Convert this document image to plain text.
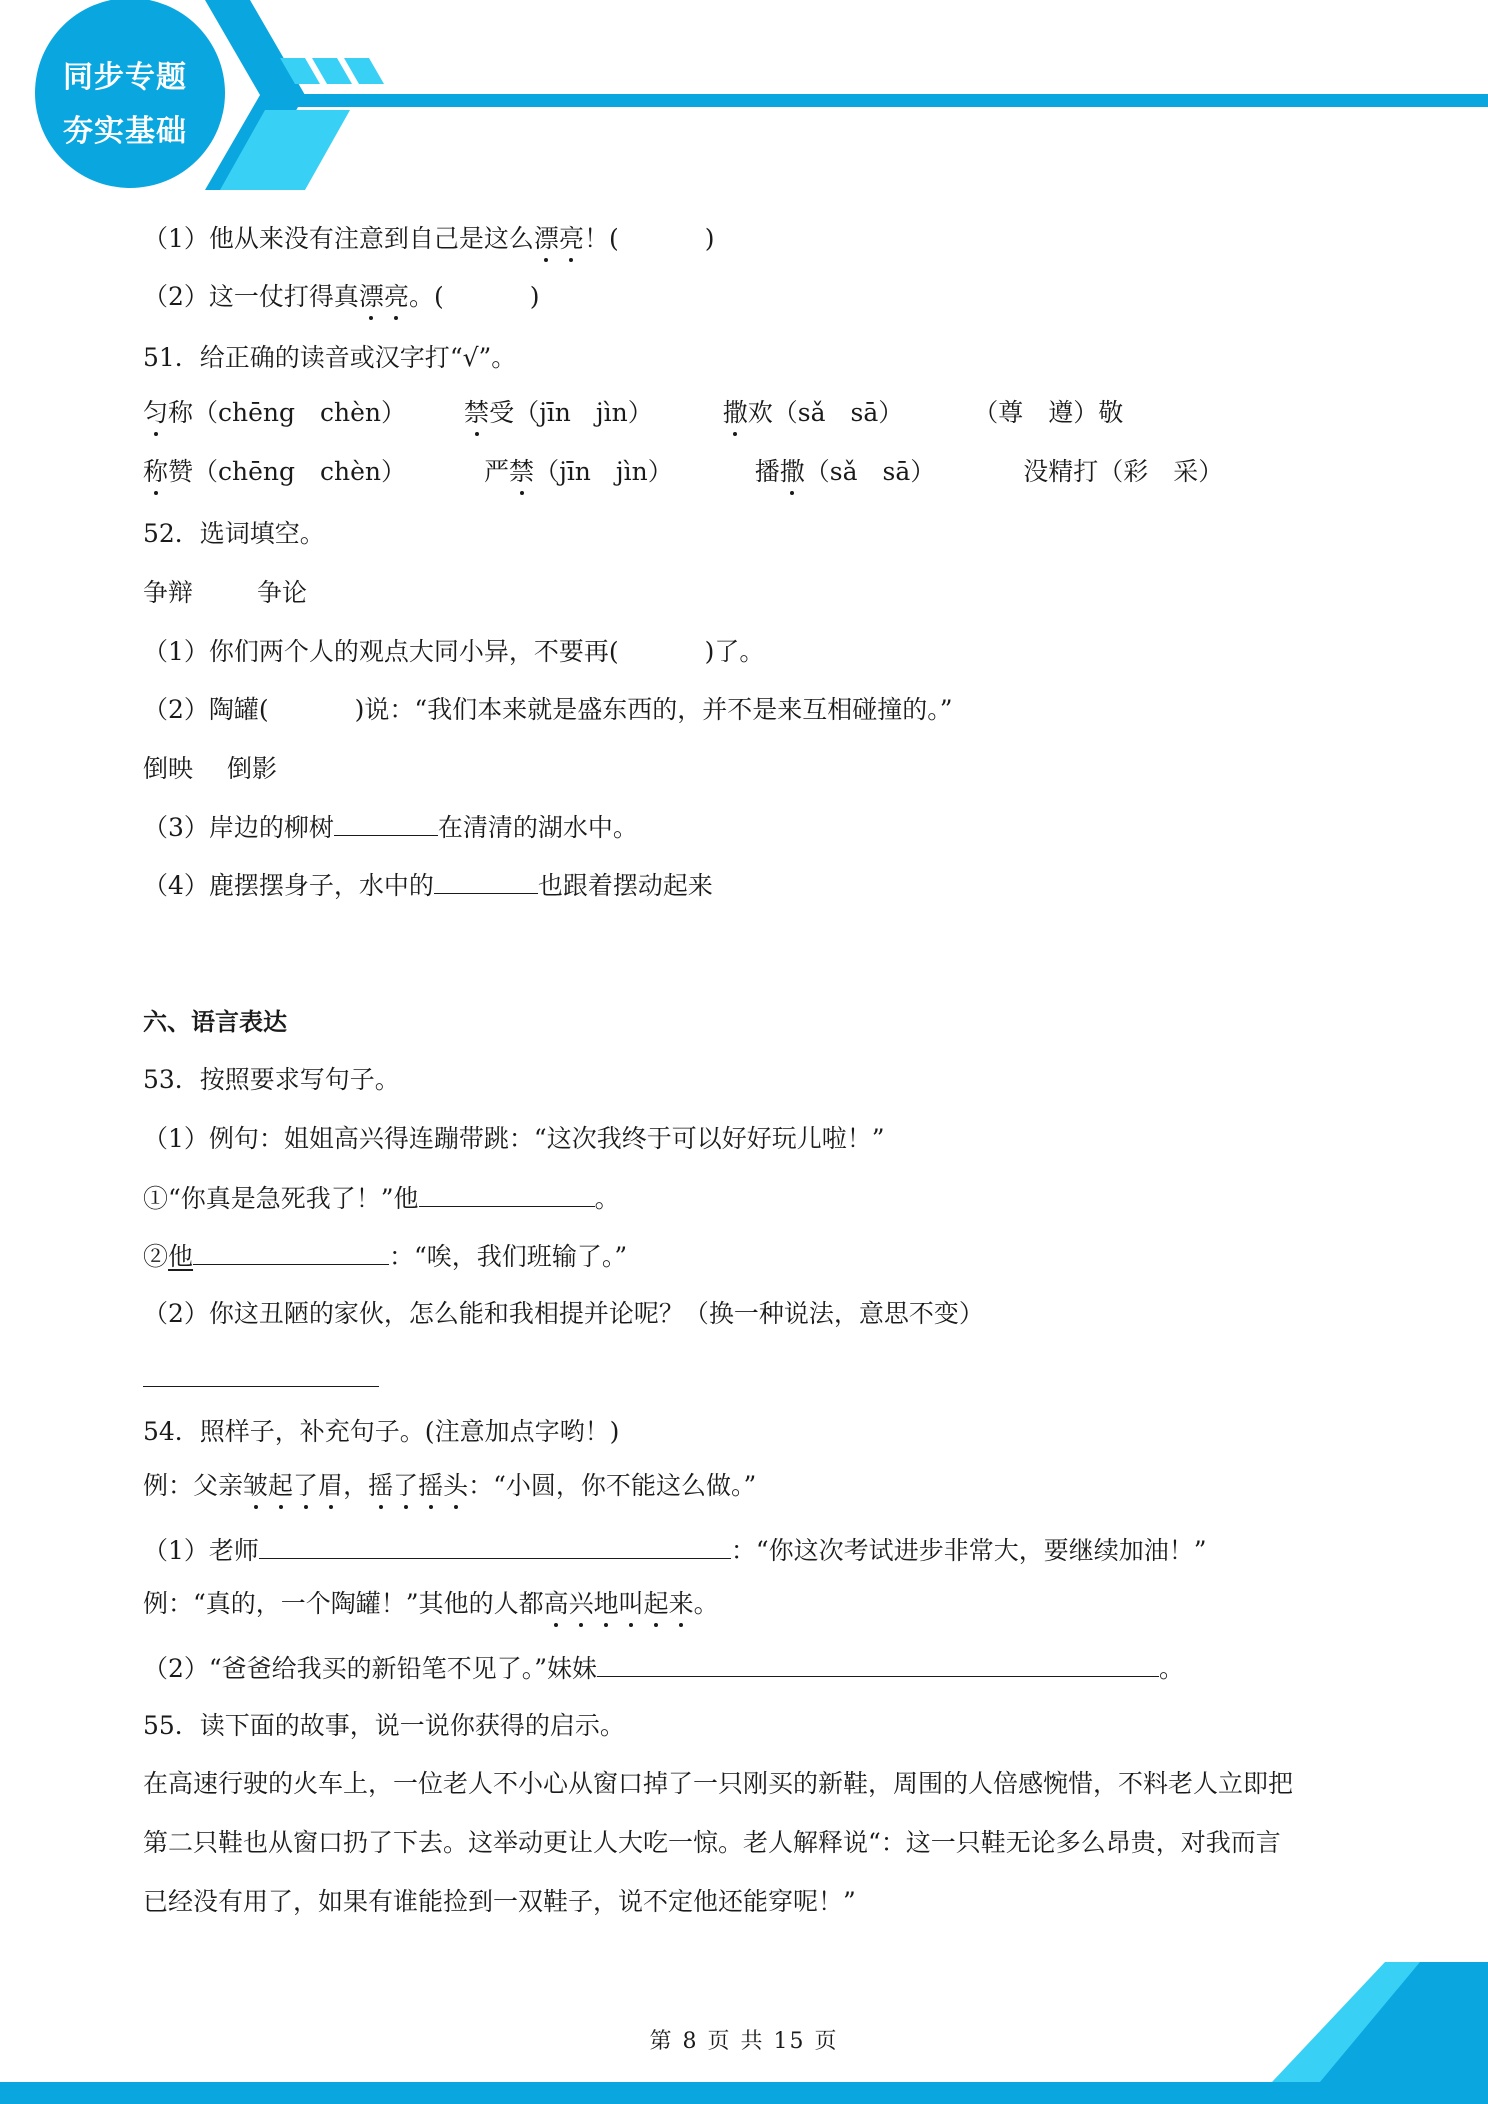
同步专题
夯实基础
（1）他从来没有注意到自己是这么漂亮！(	)
（2）这一仗打得真漂亮。(	)
51．给正确的读音或汉字打“√”。
匀称（chēng　chèn） 禁受（jīn　jìn）	撒欢（sǎ　sā）	（尊　遵）敬
称赞（chēng　chèn）	严禁（jīn　jìn）	播撒（sǎ　sā）	没精打（彩　采）
52．选词填空。
争辩	争论
（1）你们两个人的观点大同小异，不要再(	)了。
（2）陶罐(	)说：“我们本来就是盛东西的，并不是来互相碰撞的。”
倒映 倒影
（3）岸边的柳树	在清清的湖水中。
（4）鹿摆摆身子，水中的	也跟着摆动起来
六、语言表达
53．按照要求写句子。
（1）例句：姐姐高兴得连蹦带跳：“这次我终于可以好好玩儿啦！”
①“你真是急死我了！”他	。
②他	：“唉，我们班输了。”
（2）你这丑陋的家伙，怎么能和我相提并论呢？（换一种说法，意思不变）
54．照样子，补充句子。(注意加点字哟！)
例：父亲皱起了眉，摇了摇头：“小圆，你不能这么做。”
（1）老师	：“你这次考试进步非常大，要继续加油！”
例：“真的，一个陶罐！”其他的人都高兴地叫起来。
（2）“爸爸给我买的新铅笔不见了。”妹妹	。
55．读下面的故事，说一说你获得的启示。
在高速行驶的火车上，一位老人不小心从窗口掉了一只刚买的新鞋，周围的人倍感惋惜，不料老人立即把
第二只鞋也从窗口扔了下去。这举动更让人大吃一惊。老人解释说“：这一只鞋无论多么昂贵，对我而言
已经没有用了，如果有谁能捡到一双鞋子，说不定他还能穿呢！”
第 8 页 共 15 页
